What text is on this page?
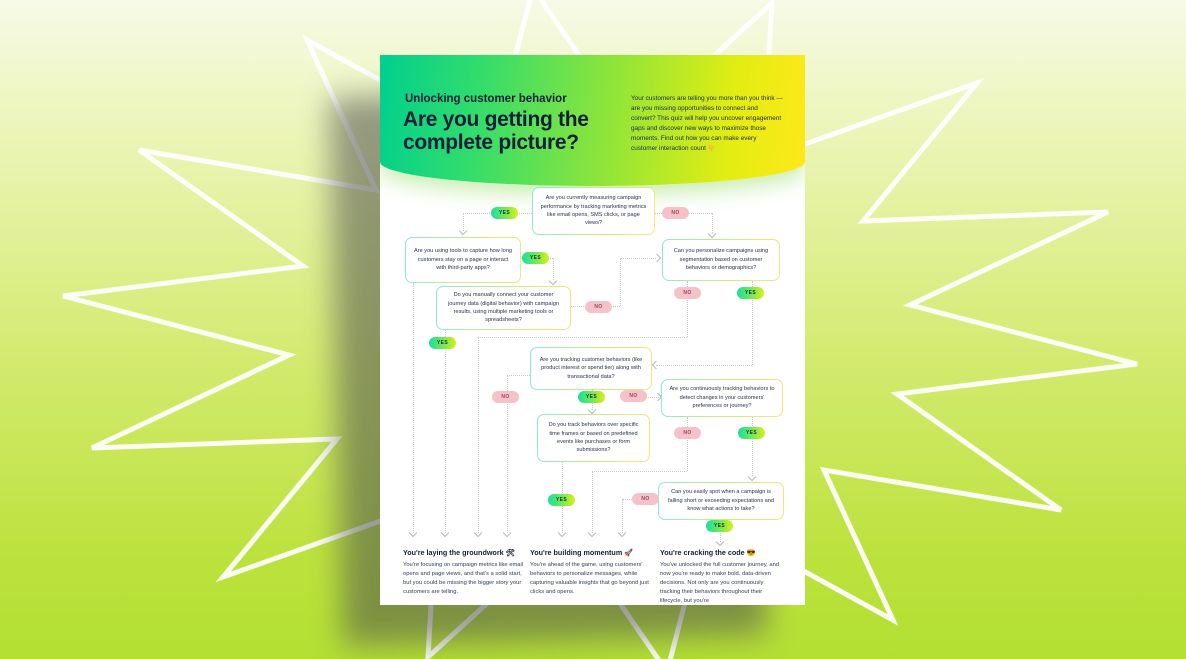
Unlocking customer behavior
Are you getting the complete picture?
Your customers are telling you more than you think — are you missing opportunities to connect and convert? This quiz will help you uncover engagement gaps and discover new ways to maximize those moments. Find out how you can make every customer interaction count 👇
Are you currently measuring campaign performance by tracking marketing metrics like email opens, SMS clicks, or page views?
Are you using tools to capture how long customers stay on a page or interact with third-party apps?
Do you manually connect your customer journey data (digital behavior) with campaign results, using multiple marketing tools or spreadsheets?
Can you personalize campaigns using segmentation based on customer behaviors or demographics?
Are you tracking customer behaviors (like product interest or spend tier) along with transactional data?
Do you track behaviors over specific time frames or based on predefined events like purchases or form submissions?
Are you continuously tracking behaviors to detect changes in your customers' preferences or journey?
Can you easily spot when a campaign is falling short or exceeding expectations and know what actions to take?
YES	NO
YES
NO
YES
NO	YES
NO	YES	NO
NO	YES
YES	NO
YES
You're laying the groundwork 🛠

You're focusing on campaign metrics like email opens and page views, and that's a solid start, but you could be missing the bigger story your customers are telling.

You're building momentum 🚀

You're ahead of the game, using customers' behaviors to personalize messages, while capturing valuable insights that go beyond just clicks and opens.

You're cracking the code 😎

You've unlocked the full customer journey, and now you're ready to make bold, data-driven decisions. Not only are you continuously tracking their behaviors throughout their lifecycle, but you're
